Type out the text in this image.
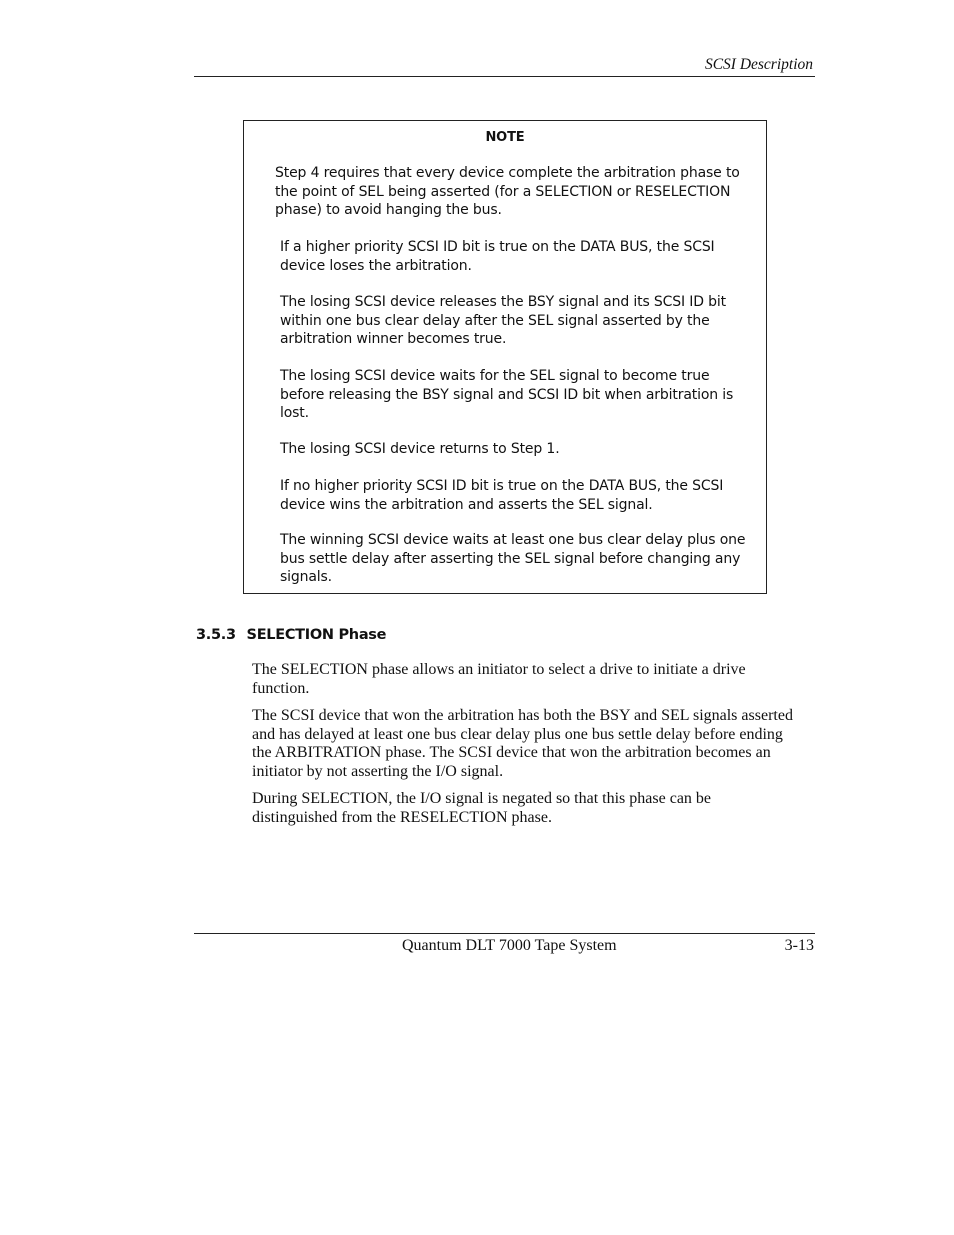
SCSI Description
NOTE

Step 4 requires that every device complete the arbitration phase to the point of SEL being asserted (for a SELECTION or RESELECTION phase) to avoid hanging the bus.

If a higher priority SCSI ID bit is true on the DATA BUS, the SCSI device loses the arbitration.

The losing SCSI device releases the BSY signal and its SCSI ID bit within one bus clear delay after the SEL signal asserted by the arbitration winner becomes true.

The losing SCSI device waits for the SEL signal to become true before releasing the BSY signal and SCSI ID bit when arbitration is lost.

The losing SCSI device returns to Step 1.

If no higher priority SCSI ID bit is true on the DATA BUS, the SCSI device wins the arbitration and asserts the SEL signal.

The winning SCSI device waits at least one bus clear delay plus one bus settle delay after asserting the SEL signal before changing any signals.

3.5.3 SELECTION Phase

The SELECTION phase allows an initiator to select a drive to initiate a drive function.

The SCSI device that won the arbitration has both the BSY and SEL signals asserted and has delayed at least one bus clear delay plus one bus settle delay before ending the ARBITRATION phase. The SCSI device that won the arbitration becomes an initiator by not asserting the I/O signal.

During SELECTION, the I/O signal is negated so that this phase can be distinguished from the RESELECTION phase.

Quantum DLT 7000 Tape System	3-13
